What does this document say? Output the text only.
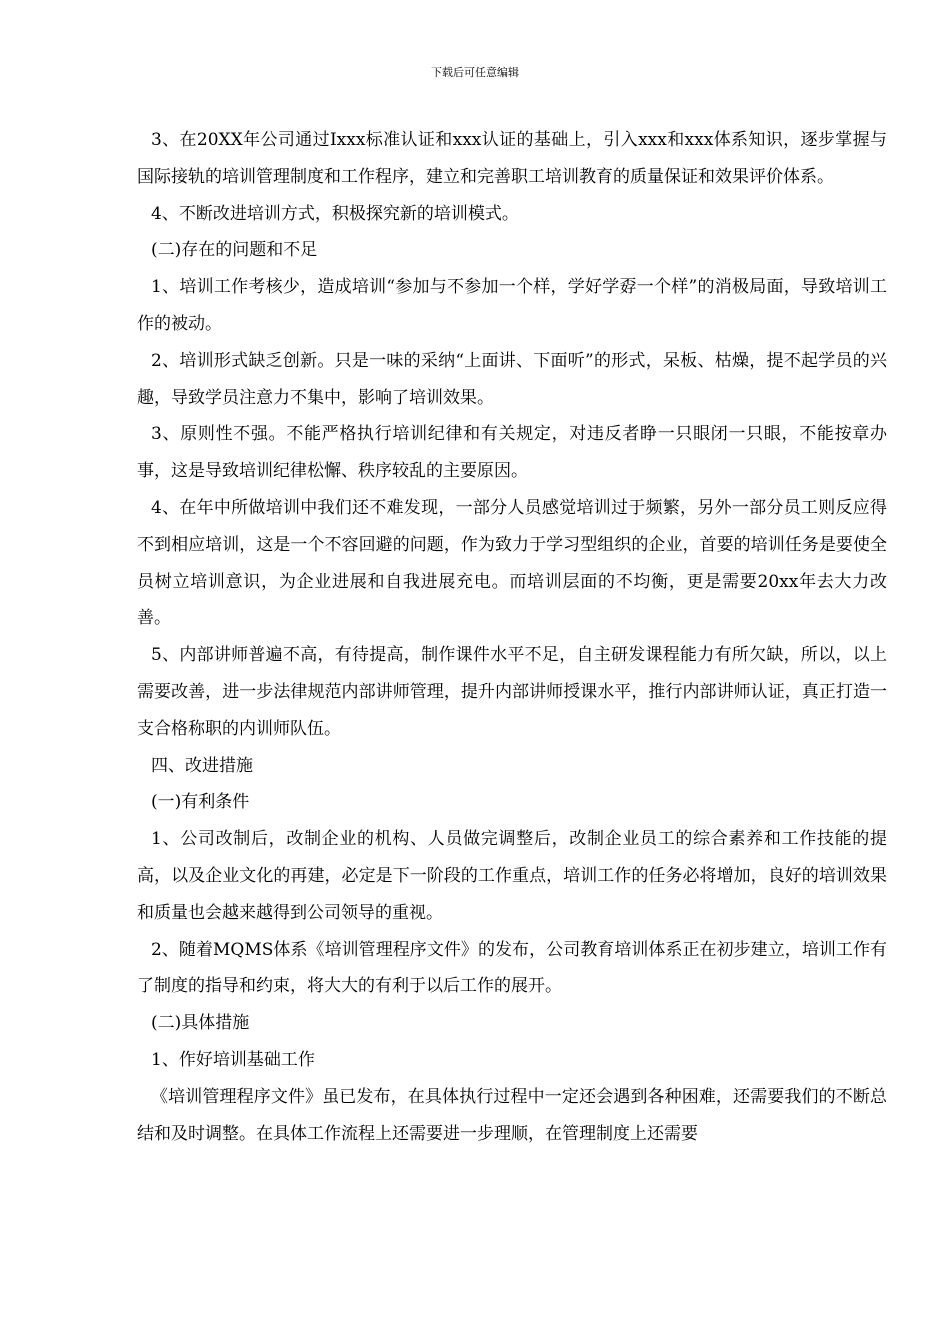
下载后可任意编辑

3、在20XX年公司通过Ixxx标准认证和xxx认证的基础上，引入xxx和xxx体系知识，逐步掌握与国际接轨的培训管理制度和工作程序，建立和完善职工培训教育的质量保证和效果评价体系。

4、不断改进培训方式，积极探究新的培训模式。

(二)存在的问题和不足

1、培训工作考核少，造成培训“参加与不参加一个样，学好学孬一个样”的消极局面，导致培训工作的被动。

2、培训形式缺乏创新。只是一味的采纳“上面讲、下面听”的形式，呆板、枯燥，提不起学员的兴趣，导致学员注意力不集中，影响了培训效果。

3、原则性不强。不能严格执行培训纪律和有关规定，对违反者睁一只眼闭一只眼，不能按章办事，这是导致培训纪律松懈、秩序较乱的主要原因。

4、在年中所做培训中我们还不难发现，一部分人员感觉培训过于频繁，另外一部分员工则反应得不到相应培训，这是一个不容回避的问题，作为致力于学习型组织的企业，首要的培训任务是要使全员树立培训意识，为企业进展和自我进展充电。而培训层面的不均衡，更是需要20xx年去大力改善。

5、内部讲师普遍不高，有待提高，制作课件水平不足，自主研发课程能力有所欠缺，所以，以上需要改善，进一步法律规范内部讲师管理，提升内部讲师授课水平，推行内部讲师认证，真正打造一支合格称职的内训师队伍。

四、改进措施

(一)有利条件

1、公司改制后，改制企业的机构、人员做完调整后，改制企业员工的综合素养和工作技能的提高，以及企业文化的再建，必定是下一阶段的工作重点，培训工作的任务必将增加，良好的培训效果和质量也会越来越得到公司领导的重视。

2、随着MQMS体系《培训管理程序文件》的发布，公司教育培训体系正在初步建立，培训工作有了制度的指导和约束，将大大的有利于以后工作的展开。

(二)具体措施

1、作好培训基础工作

《培训管理程序文件》虽已发布，在具体执行过程中一定还会遇到各种困难，还需要我们的不断总结和及时调整。在具体工作流程上还需要进一步理顺，在管理制度上还需要
